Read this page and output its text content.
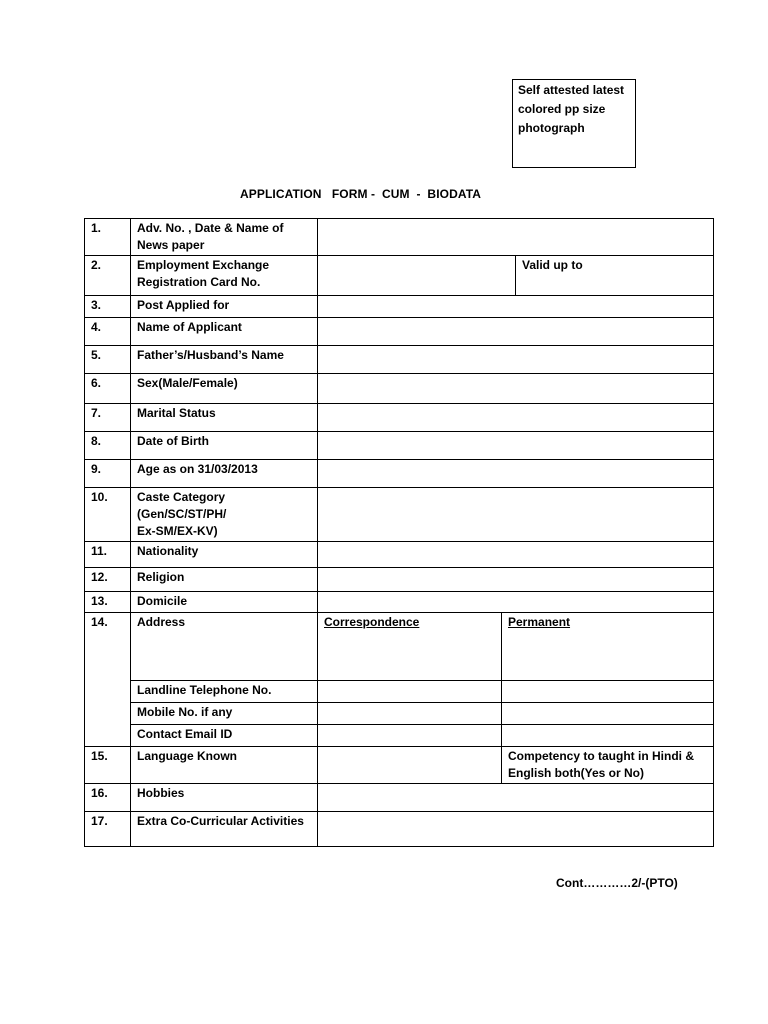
Self attested latest
colored pp size
photograph
APPLICATION   FORM -  CUM  -  BIODATA
1.	Adv. No. , Date & Name of
News paper			

2.	Employment Exchange
Registration Card No.			Valid up to
3.	Post Applied for			
4.	Name of Applicant			
5.	Father’s/Husband’s Name			
6.	Sex(Male/Female)			
7.	Marital Status			
8.	Date of Birth			
9.	Age as on 31/03/2013			
10.	Caste Category
(Gen/SC/ST/PH/
Ex-SM/EX-KV)			

11.	Nationality			
12.	Religion			
13.	Domicile			
14.	Address	Correspondence	Permanent	
	Landline Telephone No.			
	Mobile No. if any			
	Contact Email ID			
15.	Language Known		Competency to taught in Hindi &
English both(Yes or No)	

16.	Hobbies			
17.	Extra Co-Curricular Activities			
Cont…………2/-(PTO)
